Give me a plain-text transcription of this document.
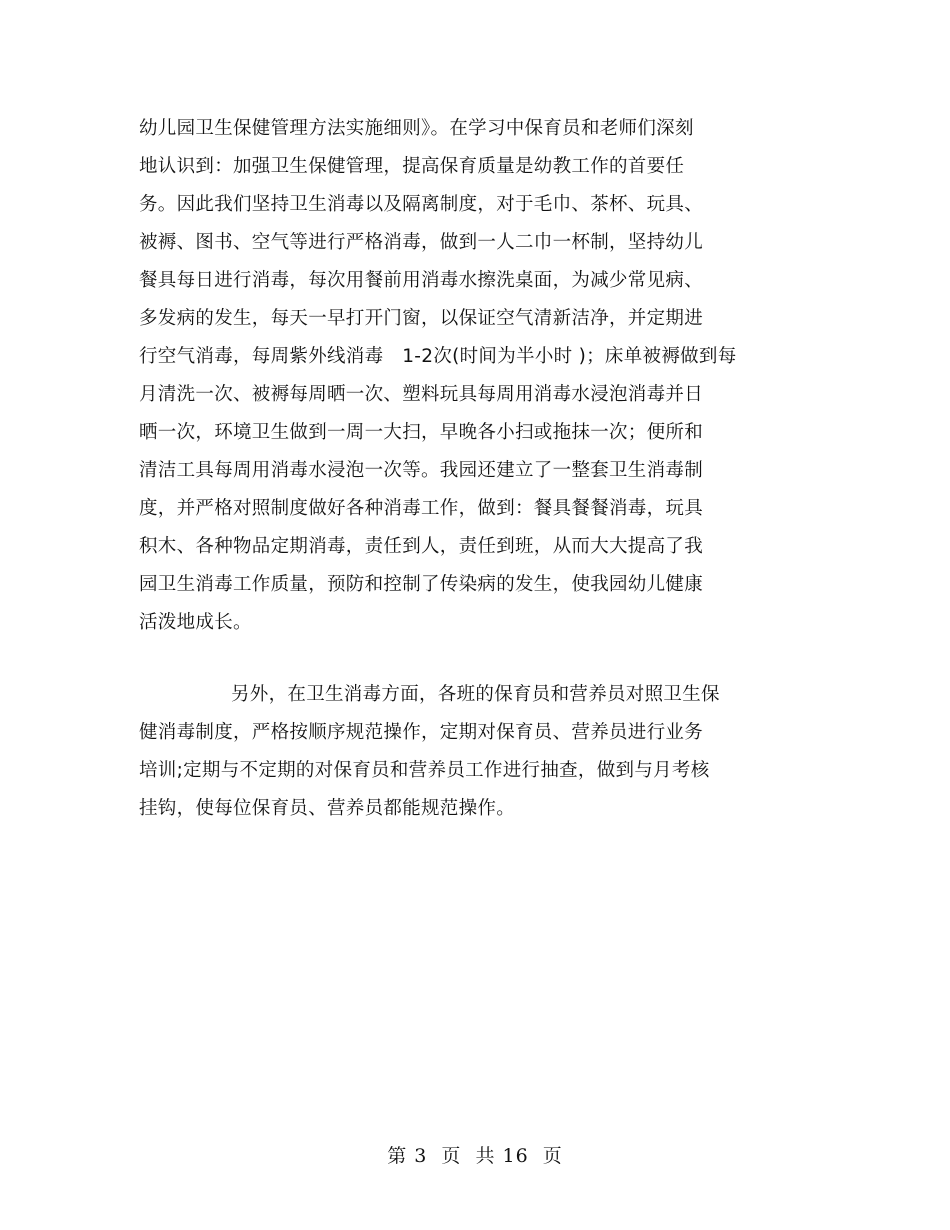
幼儿园卫生保健管理方法实施细则》。在学习中保育员和老师们深刻
地认识到：加强卫生保健管理，提高保育质量是幼教工作的首要任
务。因此我们坚持卫生消毒以及隔离制度，对于毛巾、茶杯、玩具、
被褥、图书、空气等进行严格消毒，做到一人二巾一杯制，坚持幼儿
餐具每日进行消毒，每次用餐前用消毒水擦洗桌面，为减少常见病、
多发病的发生，每天一早打开门窗，以保证空气清新洁净，并定期进
行空气消毒，每周紫外线消毒　1-2次(时间为半小时 )；床单被褥做到每
月清洗一次、被褥每周晒一次、塑料玩具每周用消毒水浸泡消毒并日
晒一次，环境卫生做到一周一大扫，早晚各小扫或拖抹一次；便所和
清洁工具每周用消毒水浸泡一次等。我园还建立了一整套卫生消毒制
度，并严格对照制度做好各种消毒工作，做到：餐具餐餐消毒，玩具
积木、各种物品定期消毒，责任到人，责任到班，从而大大提高了我
园卫生消毒工作质量，预防和控制了传染病的发生，使我园幼儿健康
活泼地成长。
另外，在卫生消毒方面，各班的保育员和营养员对照卫生保
健消毒制度，严格按顺序规范操作，定期对保育员、营养员进行业务
培训;定期与不定期的对保育员和营养员工作进行抽查，做到与月考核
挂钩，使每位保育员、营养员都能规范操作。
第 3  页  共 16  页
